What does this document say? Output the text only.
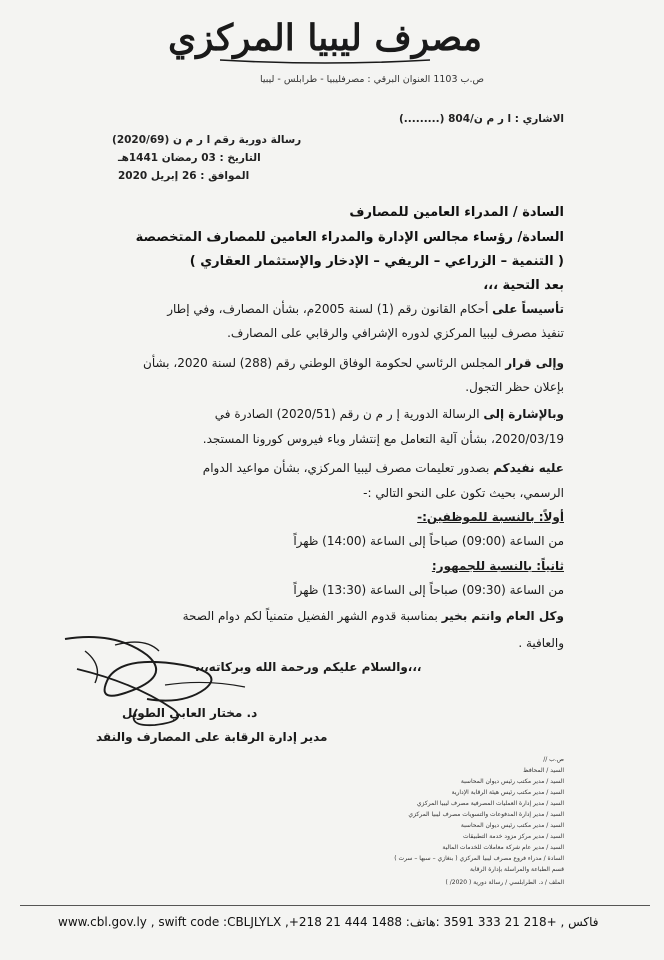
مصرف ليبيا المركزي
ص.ب 1103 العنوان البرقي : مصرفليبيا - طرابلس - ليبيا
الاشاري : ا ر م ن/804 (.........)
رسالة دورية رقم ا ر م ن (2020/69)
التاريخ : 03 رمضان 1441هـ
الموافق : 26 إبريل 2020
السادة / المدراء العامين للمصارف
السادة/ رؤساء مجالس الإدارة والمدراء العامين للمصارف المتخصصة
( التنمية – الزراعي – الريفي – الإدخار والإستثمار العقاري )
بعد التحية ،،،
تأسيساً على أحكام القانون رقم (1) لسنة 2005م، بشأن المصارف، وفي إطار
تنفيذ مصرف ليبيا المركزي لدوره الإشرافي والرقابي على المصارف.
وإلى قرار المجلس الرئاسي لحكومة الوفاق الوطني رقم (288) لسنة 2020، بشأن
بإعلان حظر التجول.
وبالإشارة إلى الرسالة الدورية إ ر م ن رقم (2020/51) الصادرة في
2020/03/19، بشأن آلية التعامل مع إنتشار وباء فيروس كورونا المستجد.
عليه نفيدكم بصدور تعليمات مصرف ليبيا المركزي، بشأن مواعيد الدوام
الرسمي، بحيث تكون على النحو التالي :-
أولاً: بالنسبة للموظفين:-
من الساعة (09:00) صباحاً إلى الساعة (14:00) ظهراً
ثانياً: بالنسبة للجمهور:
من الساعة (09:30) صباحاً إلى الساعة (13:30) ظهراً
وكل العام وانتم بخير بمناسبة قدوم الشهر الفضيل متمنياً لكم دوام الصحة
والعافية .
،،،والسلام عليكم ورحمة الله وبركاته،،،
د. مختار العابي الطويل
مدير إدارة الرقابة على المصارف والنقد
ص.ب //
السيد / المحافظ
السيد / مدير مكتب رئيس ديوان المحاسبة
السيد / مدير مكتب رئيس هيئة الرقابة الإدارية
السيد / مدير إدارة العمليات المصرفية مصرف ليبيا المركزي
السيد / مدير إدارة المدفوعات والتسويات مصرف ليبيا المركزي
السيد / مدير مكتب رئيس ديوان المحاسبة
السيد / مدير مركز مزود خدمة التطبيقات
السيد / مدير عام شركة معاملات للخدمات المالية
السادة / مدراء فروع مصرف ليبيا المركزي ( بنغازي – سبها – سرت )
قسم الطباعة والمراسلة بإدارة الرقابة
الملف / د. الطرابلسي / رسالة دورية ( 2020/ )
www.cbl.gov.ly , swift code :CBLJLYLX ,+218 21 444 1488 :فاكس , +218 21 333 3591 :هاتف
